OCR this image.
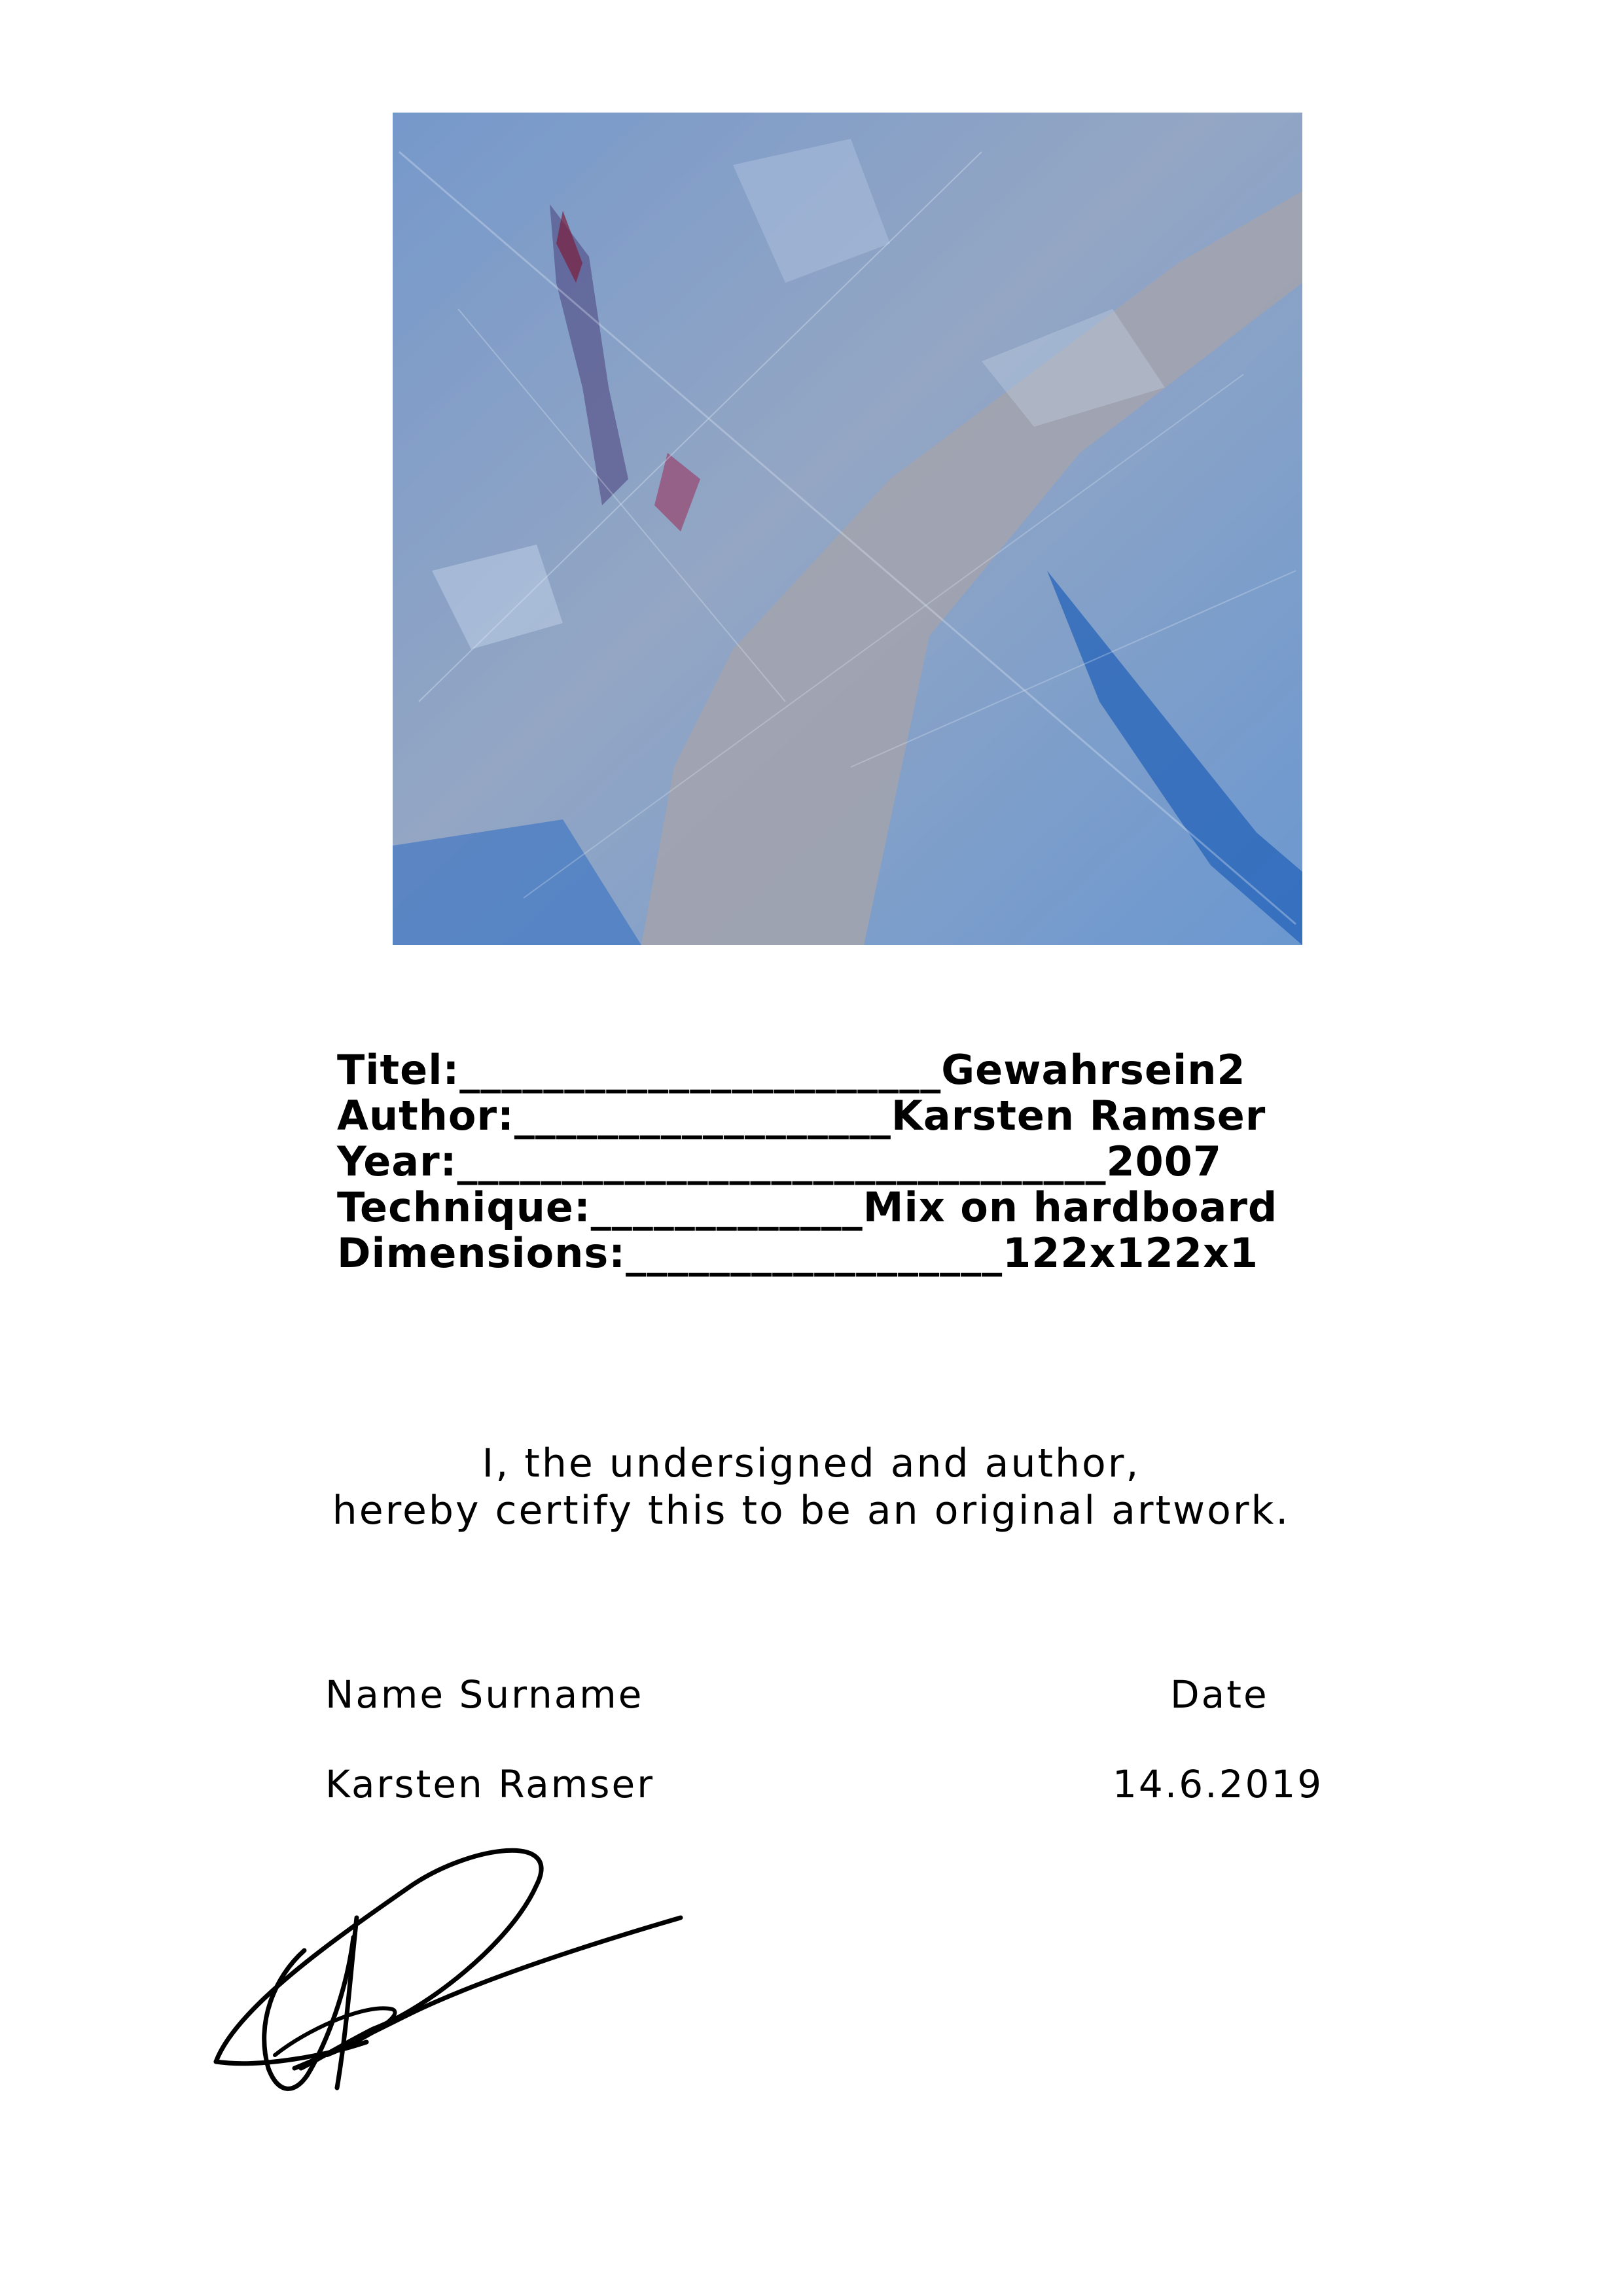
Titel:_______________________Gewahrsein2
Author:__________________Karsten Ramser
Year:_______________________________2007
Technique:_____________Mix on hardboard
Dimensions:__________________122x122x1
I, the undersigned and author,
hereby certify this to be an original artwork.
Name Surname	Date
Karsten Ramser	14.6.2019
